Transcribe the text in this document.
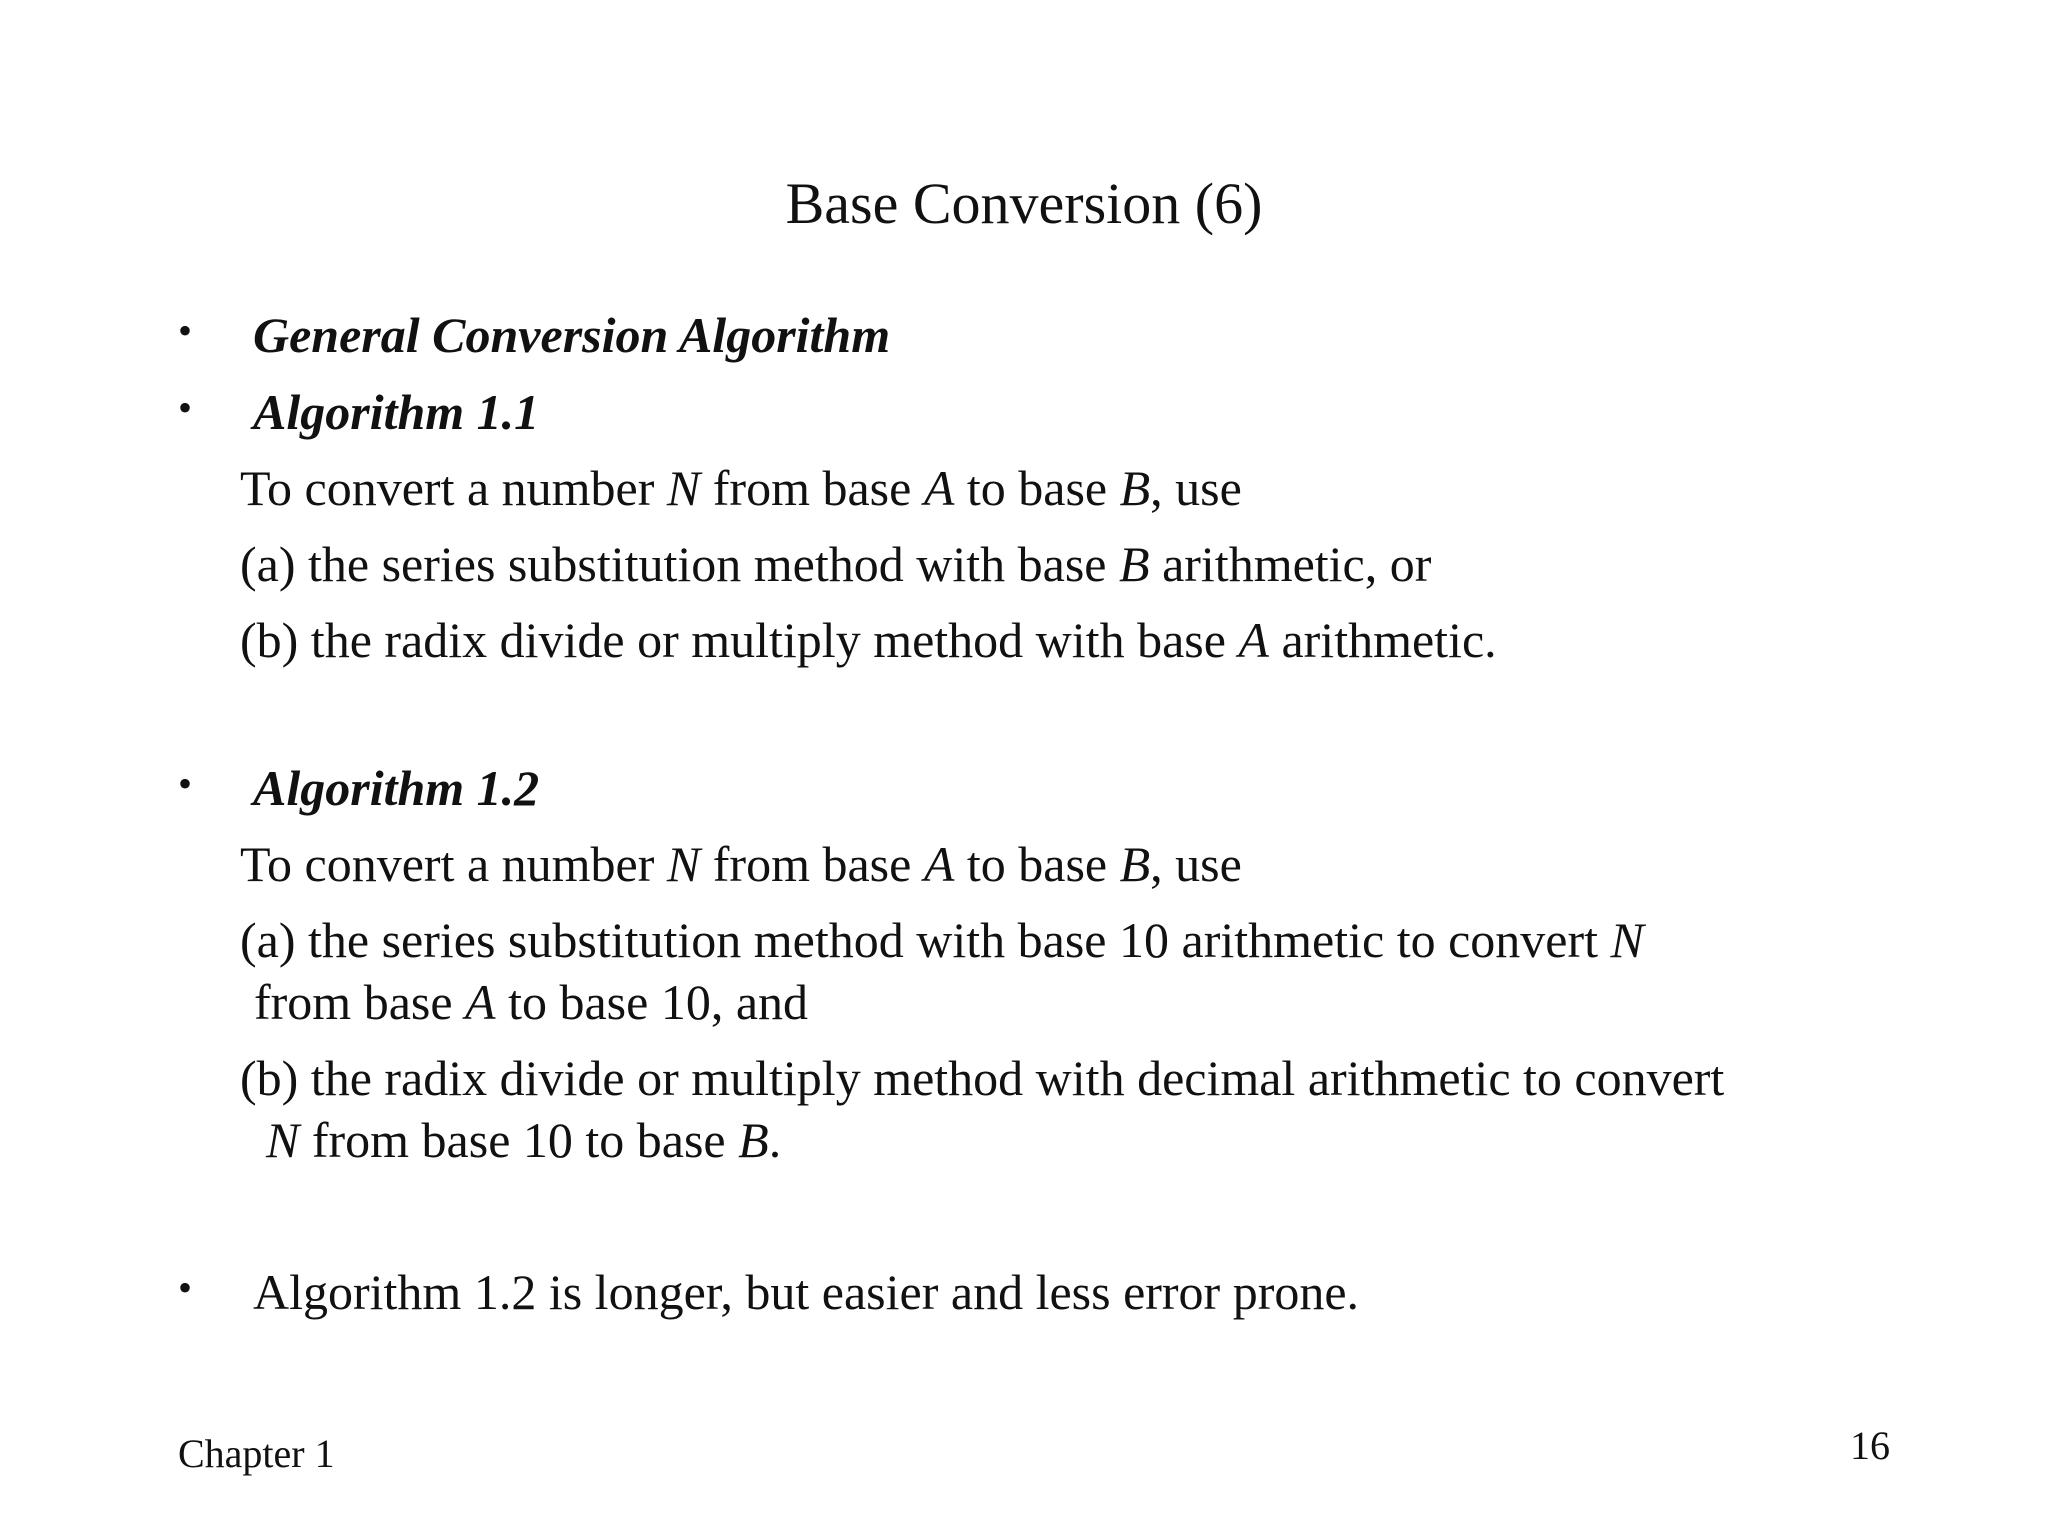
Base Conversion (6)
• General Conversion Algorithm
• Algorithm 1.1
To convert a number N from base A to base B, use
(a) the series substitution method with base B arithmetic, or
(b) the radix divide or multiply method with base A arithmetic.
• Algorithm 1.2
To convert a number N from base A to base B, use
(a) the series substitution method with base 10 arithmetic to convert N
from base A to base 10, and
(b) the radix divide or multiply method with decimal arithmetic to convert
N from base 10 to base B.
• Algorithm 1.2 is longer, but easier and less error prone.
Chapter 1	16
